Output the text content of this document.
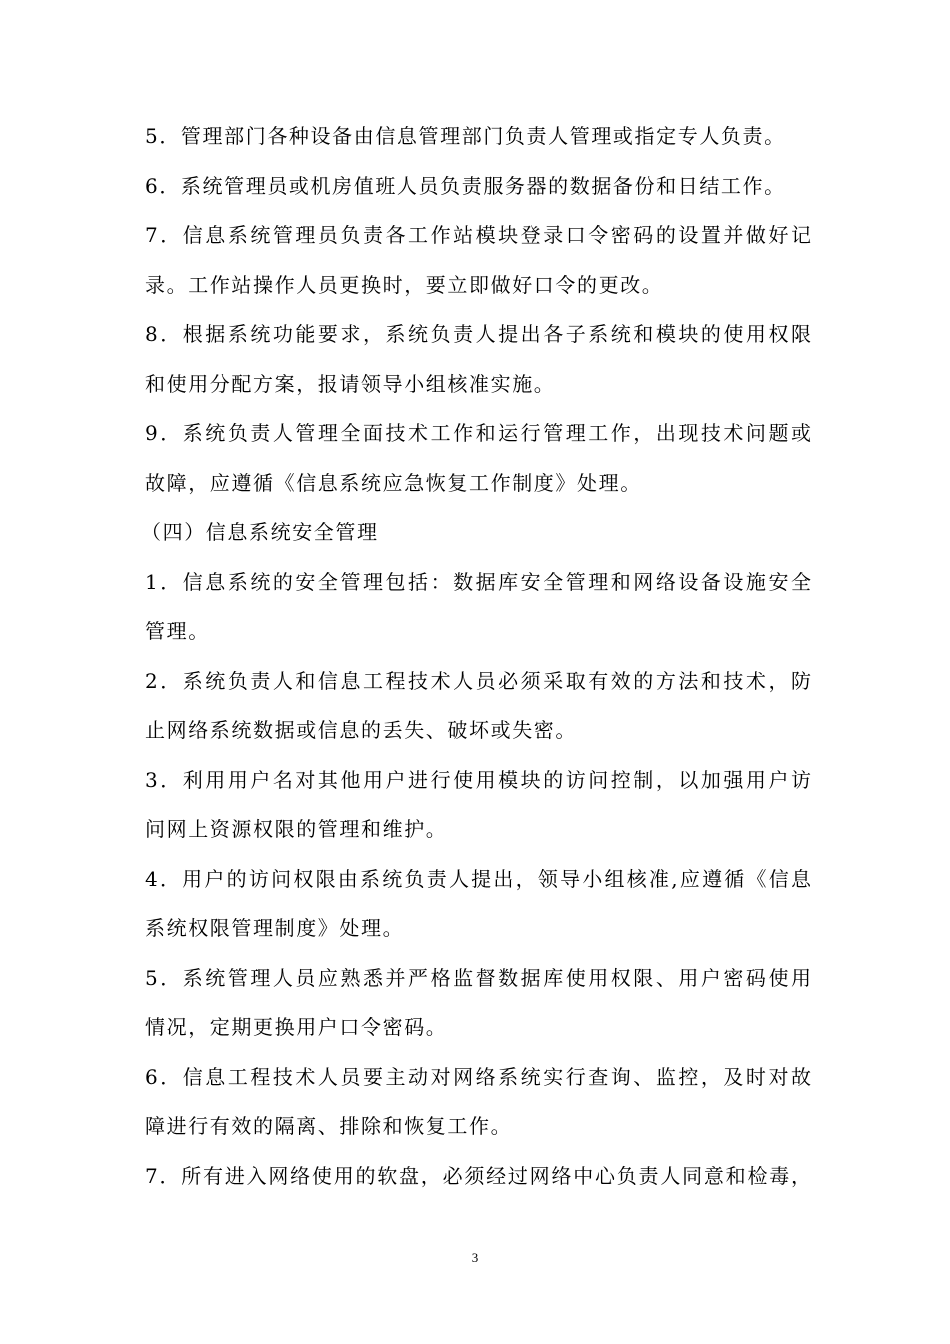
5．管理部门各种设备由信息管理部门负责人管理或指定专人负责。
6．系统管理员或机房值班人员负责服务器的数据备份和日结工作。
7．信息系统管理员负责各工作站模块登录口令密码的设置并做好记
录。工作站操作人员更换时，要立即做好口令的更改。
8．根据系统功能要求，系统负责人提出各子系统和模块的使用权限
和使用分配方案，报请领导小组核准实施。
9．系统负责人管理全面技术工作和运行管理工作，出现技术问题或
故障，应遵循《信息系统应急恢复工作制度》处理。
（四）信息系统安全管理
1．信息系统的安全管理包括：数据库安全管理和网络设备设施安全
管理。
2．系统负责人和信息工程技术人员必须采取有效的方法和技术，防
止网络系统数据或信息的丢失、破坏或失密。
3．利用用户名对其他用户进行使用模块的访问控制，以加强用户访
问网上资源权限的管理和维护。
4．用户的访问权限由系统负责人提出，领导小组核准,应遵循《信息
系统权限管理制度》处理。
5．系统管理人员应熟悉并严格监督数据库使用权限、用户密码使用
情况，定期更换用户口令密码。
6．信息工程技术人员要主动对网络系统实行查询、监控，及时对故
障进行有效的隔离、排除和恢复工作。
7．所有进入网络使用的软盘，必须经过网络中心负责人同意和检毒，
3
